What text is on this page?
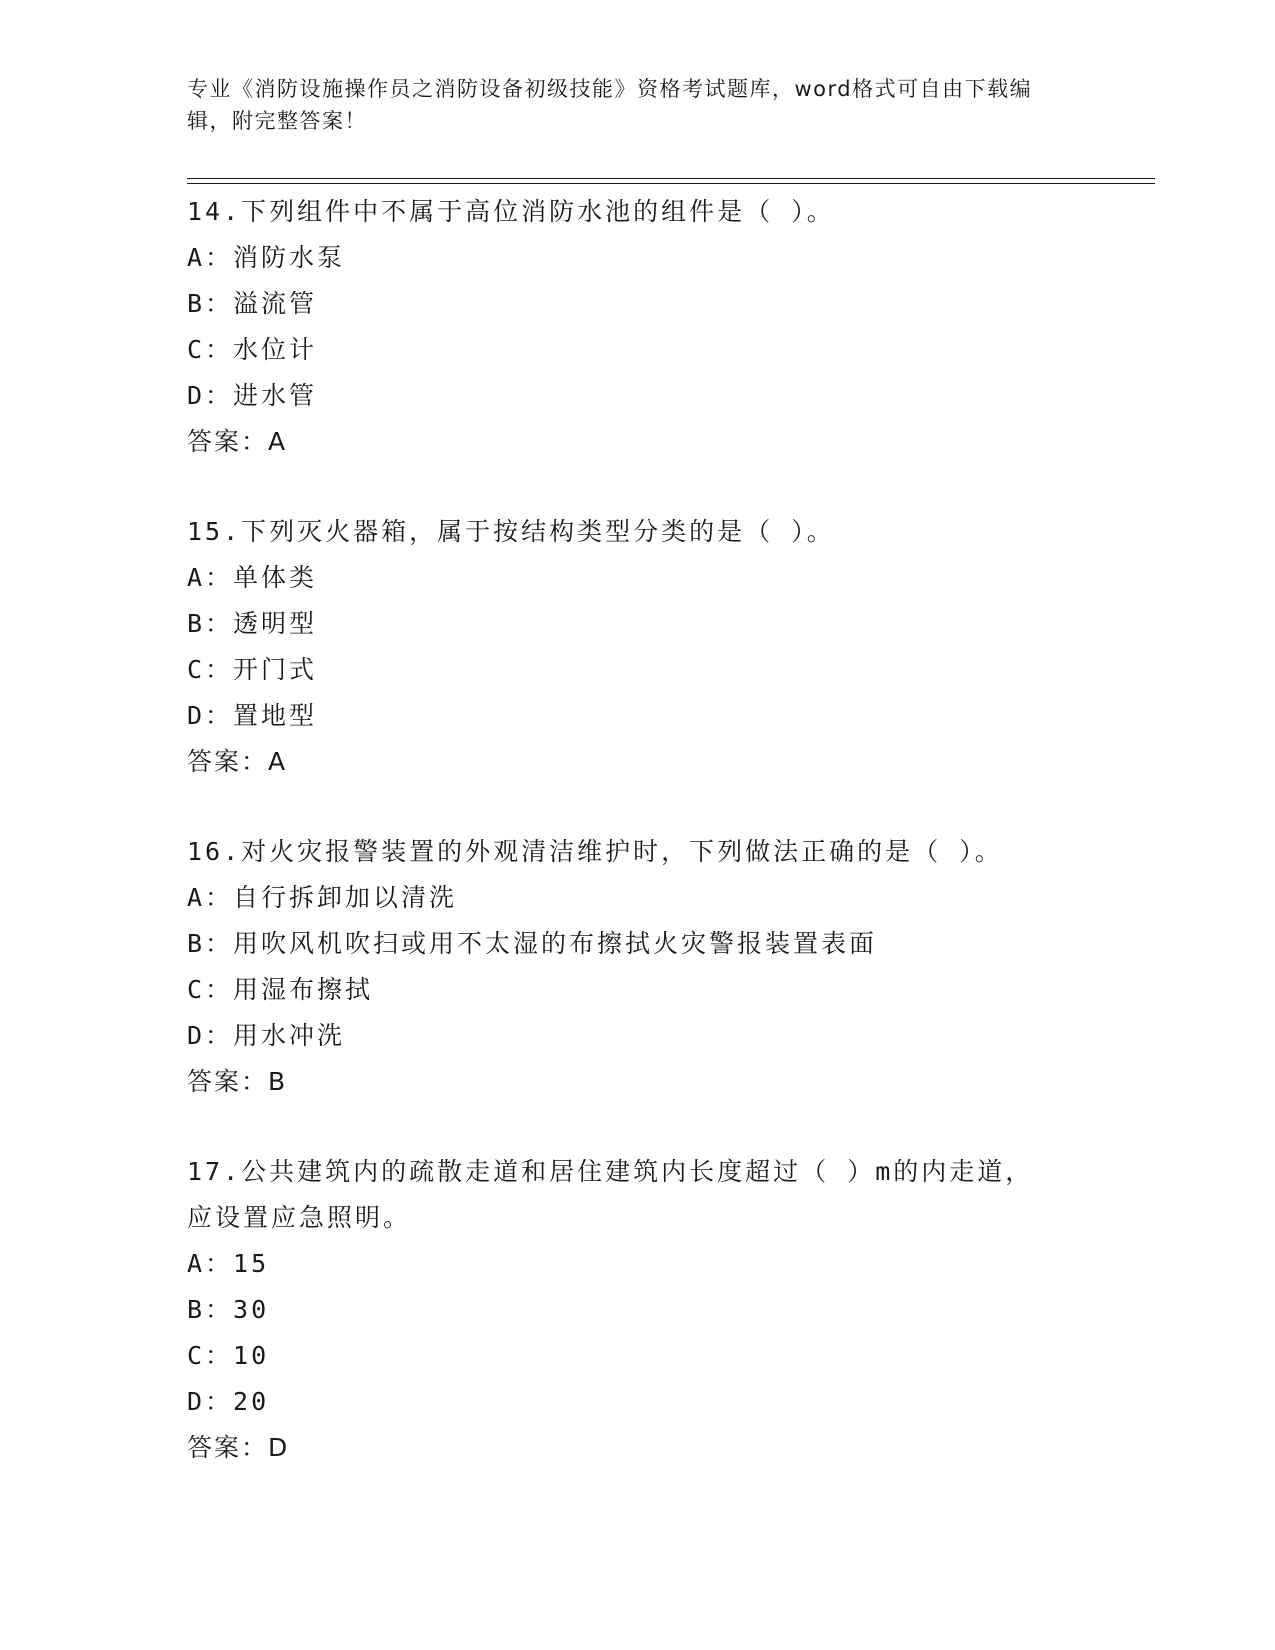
专业《消防设施操作员之消防设备初级技能》资格考试题库，word格式可自由下载编辑，附完整答案！
14.下列组件中不属于高位消防水池的组件是（ ）。
A：消防水泵
B：溢流管
C：水位计
D：进水管
答案：A
15.下列灭火器箱，属于按结构类型分类的是（ ）。
A：单体类
B：透明型
C：开门式
D：置地型
答案：A
16.对火灾报警装置的外观清洁维护时，下列做法正确的是（ ）。
A：自行拆卸加以清洗
B：用吹风机吹扫或用不太湿的布擦拭火灾警报装置表面
C：用湿布擦拭
D：用水冲洗
答案：B
17.公共建筑内的疏散走道和居住建筑内长度超过（ ）m的内走道，
应设置应急照明。
A：15
B：30
C：10
D：20
答案：D
